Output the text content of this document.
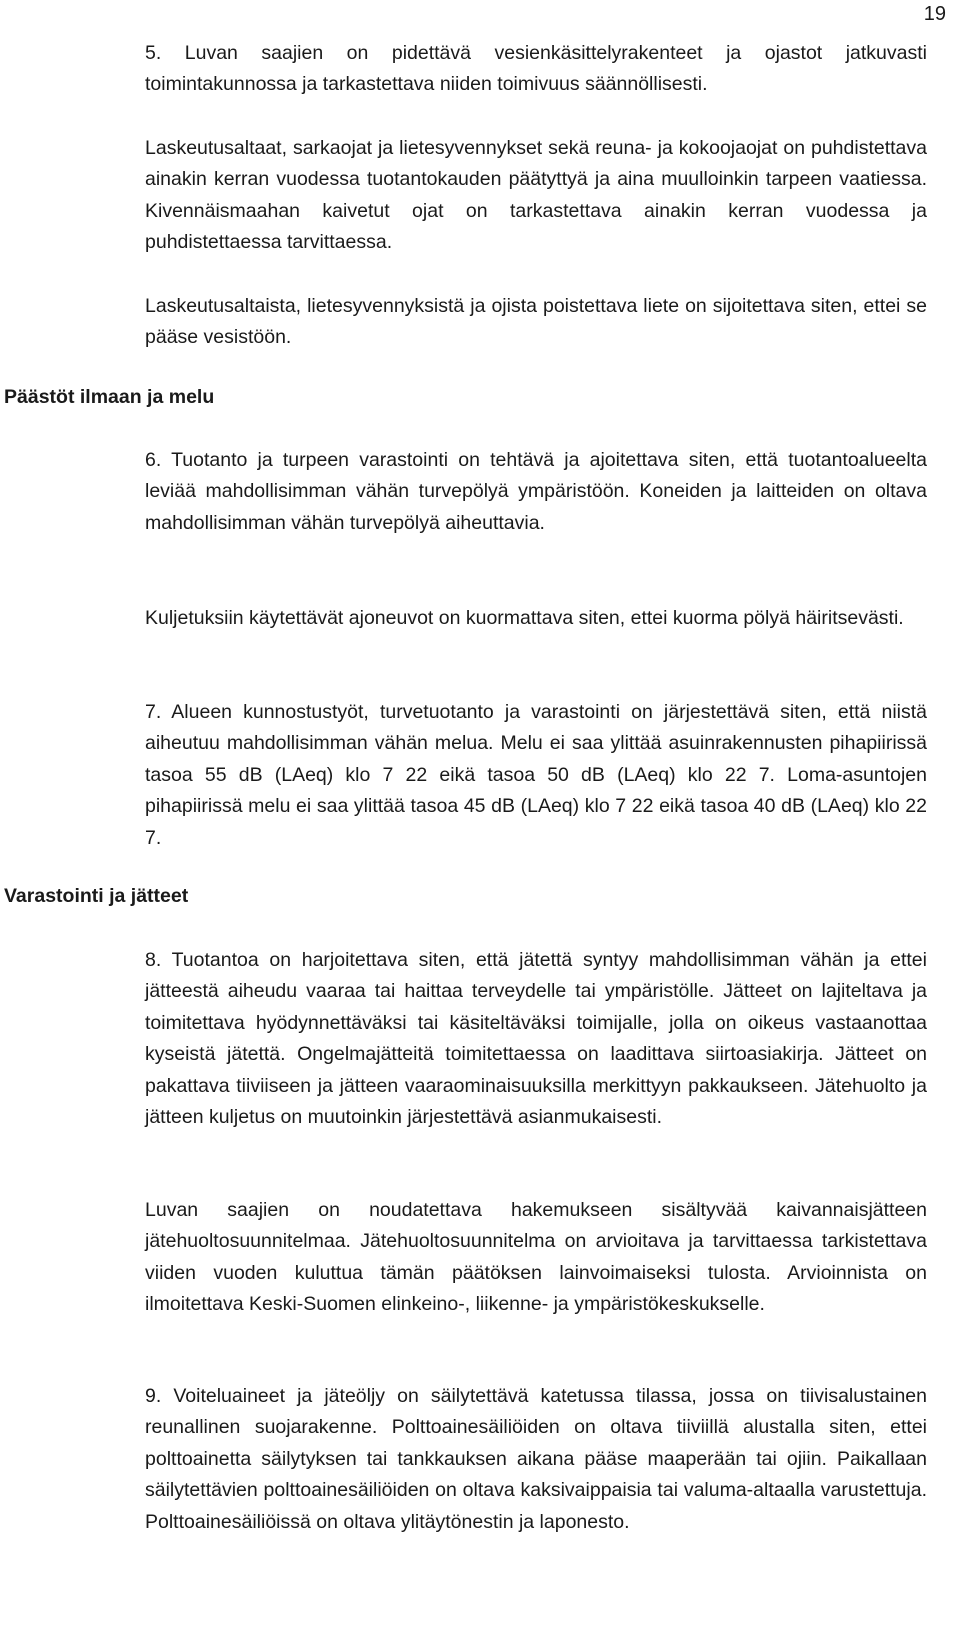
19

5. Luvan saajien on pidettävä vesienkäsittelyrakenteet ja ojastot jatkuvasti toimintakunnossa ja tarkastettava niiden toimivuus säännöllisesti.

Laskeutusaltaat, sarkaojat ja lietesyvennykset sekä reuna- ja kokoojaojat on puhdistettava ainakin kerran vuodessa tuotantokauden päätyttyä ja aina muulloinkin tarpeen vaatiessa. Kivennäismaahan kaivetut ojat on tarkastettava ainakin kerran vuodessa ja puhdistettaessa tarvittaessa.

Laskeutusaltaista, lietesyvennyksistä ja ojista poistettava liete on sijoitettava siten, ettei se pääse vesistöön.

Päästöt ilmaan ja melu

6. Tuotanto ja turpeen varastointi on tehtävä ja ajoitettava siten, että tuotantoalueelta leviää mahdollisimman vähän turvepölyä ympäristöön. Koneiden ja laitteiden on oltava mahdollisimman vähän turvepölyä aiheuttavia.

Kuljetuksiin käytettävät ajoneuvot on kuormattava siten, ettei kuorma pölyä häiritsevästi.

7. Alueen kunnostustyöt, turvetuotanto ja varastointi on järjestettävä siten, että niistä aiheutuu mahdollisimman vähän melua. Melu ei saa ylittää asuinrakennusten pihapiirissä tasoa 55 dB (LAeq) klo 7 22 eikä tasoa 50 dB (LAeq) klo 22 7. Loma-asuntojen pihapiirissä melu ei saa ylittää tasoa 45 dB (LAeq) klo 7 22 eikä tasoa 40 dB (LAeq) klo 22 7.

Varastointi ja jätteet

8. Tuotantoa on harjoitettava siten, että jätettä syntyy mahdollisimman vähän ja ettei jätteestä aiheudu vaaraa tai haittaa terveydelle tai ympäristölle. Jätteet on lajiteltava ja toimitettava hyödynnettäväksi tai käsiteltäväksi toimijalle, jolla on oikeus vastaanottaa kyseistä jätettä. Ongelmajätteitä toimitettaessa on laadittava siirtoasiakirja. Jätteet on pakattava tiiviiseen ja jätteen vaaraominaisuuksilla merkittyyn pakkaukseen. Jätehuolto ja jätteen kuljetus on muutoinkin järjestettävä asianmukaisesti.

Luvan saajien on noudatettava hakemukseen sisältyvää kaivannaisjätteen jätehuoltosuunnitelmaa. Jätehuoltosuunnitelma on arvioitava ja tarvittaessa tarkistettava viiden vuoden kuluttua tämän päätöksen lainvoimaiseksi tulosta. Arvioinnista on ilmoitettava Keski-Suomen elinkeino-, liikenne- ja ympäristökeskukselle.

9. Voiteluaineet ja jäteöljy on säilytettävä katetussa tilassa, jossa on tiivisalustainen reunallinen suojarakenne. Polttoainesäiliöiden on oltava tiiviillä alustalla siten, ettei polttoainetta säilytyksen tai tankkauksen aikana pääse maaperään tai ojiin. Paikallaan säilytettävien polttoainesäiliöiden on oltava kaksivaippaisia tai valuma-altaalla varustettuja. Polttoainesäiliöissä on oltava ylitäytönestin ja laponesto.
